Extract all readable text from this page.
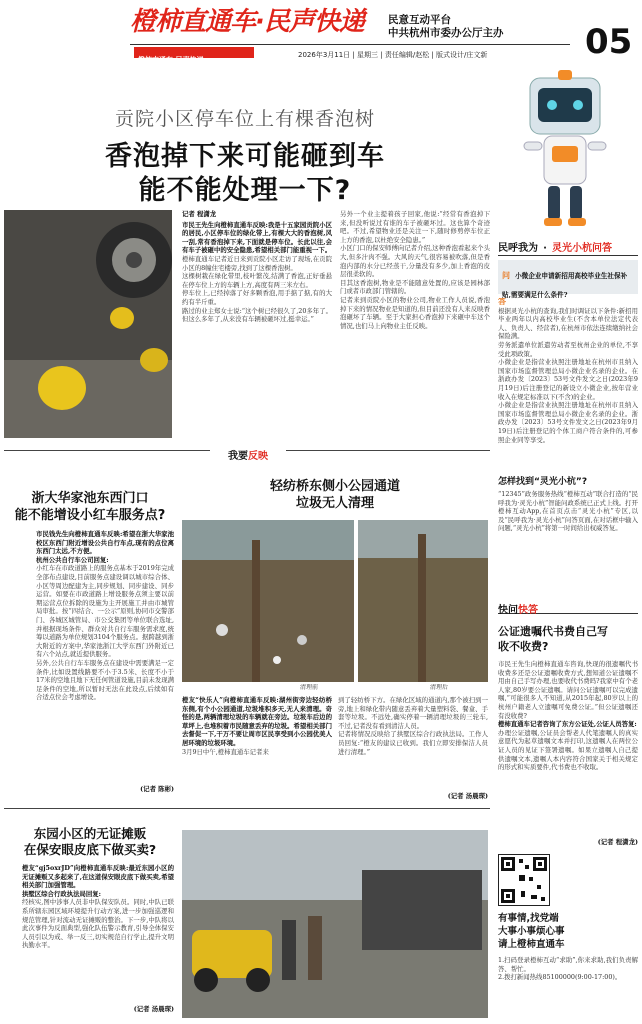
橙柿直通车·民声快递	民意互动平台
中共杭州市委办公厅主办 05
橙柿直通车·民声快递
2026年3月11日 | 星期三 | 责任编辑/赵松 | 版式设计/庄文新
贡院小区停车位上有棵香泡树
香泡掉下来可能砸到车
能不能处理一下?
记者 程潇龙

市民王先生向橙柿直通车反映:我是十五家园贡院小区的居民,小区停车位的绿化带上,有棵大大的香泡树,风一刮,常有香泡掉下来,下面就是停车位。长此以往,会有车子被砸中的安全隐患,希望相关部门能重视一下。

橙柿直通车记者近日来到贡院小区走访了现场,在贡院小区的8幢住宅楼旁,找到了这棵香泡树。

这棵树栽在绿化带里,枝叶繁茂,结满了香泡,正好垂悬在停车位上方的车辆上方,高度有两三米左右。

停车位上,已经掉落了好多颗香泡,用手掂了掂,有的大约有半斤重。

路过的业主郑女士说:“这个树已经很久了,20多年了。但这么多年了,从来没有车辆被砸坏过,挺幸运。”

另外一个业主提着孩子回家,他说:“经常有香泡掉下来,但没听说过有谁的车子被砸坏过。这也算个奇迹吧。不过,希望物业还是关注一下,随时修剪停车位正上方的香泡,以杜绝安全隐患。”

小区门口的保安师傅向记者介绍,这种香泡看起来个头大,但多汁肉不强。大风的天气,很容易被吹落,但是香泡内部的水分已经蒸干,分量没有多少,加上香泡的皮层很柔软的。

目其这香泡树,物业是不能随意处置的,应该是园林部门或者市政部门管辖的。

记者来到贡院小区的物业公司,物业工作人员说,香泡掉下来的情况物业是知道的,但目前还没有人来反映香泡砸坏了车辆。至于大家担心香泡掉下来砸中车这个情况,也们马上向物业主任反映。

民呼我为 · 灵光小杭问答
问 小微企业申请新招用高校毕业生社保补贴,需要满足什么条件?
答

根据灵光小杭的查询,我们时调证以下条件:新招用毕业两年以内高校毕业生(不含本单位法定代表人、负责人、经营者),在杭州市依法连续缴纳社会保险满。

劳务派遣单位派遣劳动者至杭州企业的单位,不享受此项政策。

小微企业是指营业执照注册地址在杭州市且纳入国家市场监督管理总局小微企业名录的企业。在浙政办发〔2023〕53号文件发文之日(2023年9月19日)后注册登记的新设立小微企业,按年营业收入在规定标准以下(不含)的企业。

小微企业是指营业执照注册地址在杭州市且纳入国家市场监督管理总局小微企业名录的企业。浙政办发〔2023〕53号文件发文之日(2023年9月19日)后注册登记的个体工商户符合条件的,可参照企业同等享受。

怎样找到“灵光小杭”?
“12345”政务服务热线“橙柿互动”联合打造的“民呼我为·灵光小杭”智能问政系统已正式上线。打开橙柿互动App,在首页点击“灵光小杭”专区,以及“民呼我为·灵光小杭”问答页面,在对话框中输入问题,“灵光小杭”将第一时间给出权威答复。
我要反映
浙大华家池东西门口
能不能增设小红车服务点?

市民钱先生向橙柿直通车反映:希望在浙大华家池校区东西门附近增设公共自行车点,现有的点位离东西门太远,不方便。

杭州公共自行车公司回复:

小红车在市政道路上的服务点基本于2019年完成全部布点建设,目前服务点建设调以城市综合体、小区等周边配建为主,同步规划、同步建设、同步运营。如要在市政道路上增设服务点须主要以前期运营点位拆除的设施为主开展施工并由市城管局审批。按“四结合、一公示”原则,协同市交警部门、各城区城管局、市公交集团等单位联合选址,并根据现场条件、群众对共自行车服务需求度,统筹以道路为单位规划3104个服务点。据跨越到浙大附近的方案中,华家池浙江大学东西门外附近已有六个站点,就近提供服务。

另外,公共自行车车服务点在建设中需要满足一定条件,比如设置线路要不小于3.5米、长度不小于17米的空地且地下无任何管道设施,目前未发现满足条件的空地,所以暂时无法在此设点,后续如有合适点位会考虑增设。

(记者 陈彬)
轻纺桥东侧小公园通道
垃圾无人清理
清理前	清理后

橙友“快乐人”向橙柿直通车反映:湖州街旁边轻纺桥东侧,有个小公园通道,垃圾堆积多天,无人来清理。奇怪的是,两辆清理垃圾的车辆就在旁边。垃圾车后边的草坪上,也堆积着市民随意丢弃的垃圾。希望相关部门去督促一下,干万不要让周市区民享受到小公园优美人居环境的垃圾环境。

3月9日中午,橙柿直通车记者来

到了轻纺桥下方。在绿化区域的通道内,那个被扫到一旁,地上和绿化带内随意丢弃着大量塑料袋、餐盒、手套等垃圾。不远处,确实停着一辆清理垃圾的三轮车,不过,记者没有看到清洁人员。

记者将情况反映给了拱墅区综合行政执法局。工作人员回复:“橙友的建议已收到。我们立即安排保洁人员进行清理。”

(记者 汤晨琛)
东园小区的无证摊贩
在保安眼皮底下做买卖?

橙友“gj5oxrJD”向橙柿直通车反映:最近东园小区的无证摊贩又多起来了,在这道保安眼皮底下做买卖,希望相关部门加强管理。

拱墅区综合行政执法局回复:

经核实,图中涉事人员非中队保安队员。同时,中队已联系所辖东园区域环境提升行动方案,进一步加强巡逻和规范管理,针对流动无证摊贩的整治。下一步,中队将以此次事件为反面典型,强化队伍警示教育,引导全体保安人员引以为戒、举一反三,切实规范自行学止,提升文明执勤水平。

(记者 汤晨琛)
快问快答
公证遗嘱代书费自己写
收不收费?

市民王先生向橙柿直通车咨询,快现的很遗嘱代书收费多还是公证遗嘱收费方式,想知道公证遗嘱不用由自己手写办理,也要收代书费吗?我家中有个老人家,80岁要公证遗嘱。请问公证遗嘱可以完成遗嘱,“可能很多人不知道,从2015年起,80岁以上的杭州户籍老人立遗嘱可免费公证。”但公证遗嘱还有没收费?

橙柿直通车记者咨询了东方公证处,公证人员答复:

办理公证遗嘱,公证员会帮老人代笔遗嘱人的真实意愿代为起草遗嘱文本并打印,这遗嘱人在两位公证人员的见证下签署遗嘱。如果立遗嘱人自己提供遗嘱文本,遗嘱人本内容符合国家关于相关规定的形式和实质要件,代书费也不收取。

(记者 程潇龙)
有事情,找党端
大事小事烦心事
请上橙柿直通车

1.扫码登录橙柿互动“求助”,你来求助,我们负责解答、帮忙。

2.拨打新闻热线85100000(9:00-17:00)。
